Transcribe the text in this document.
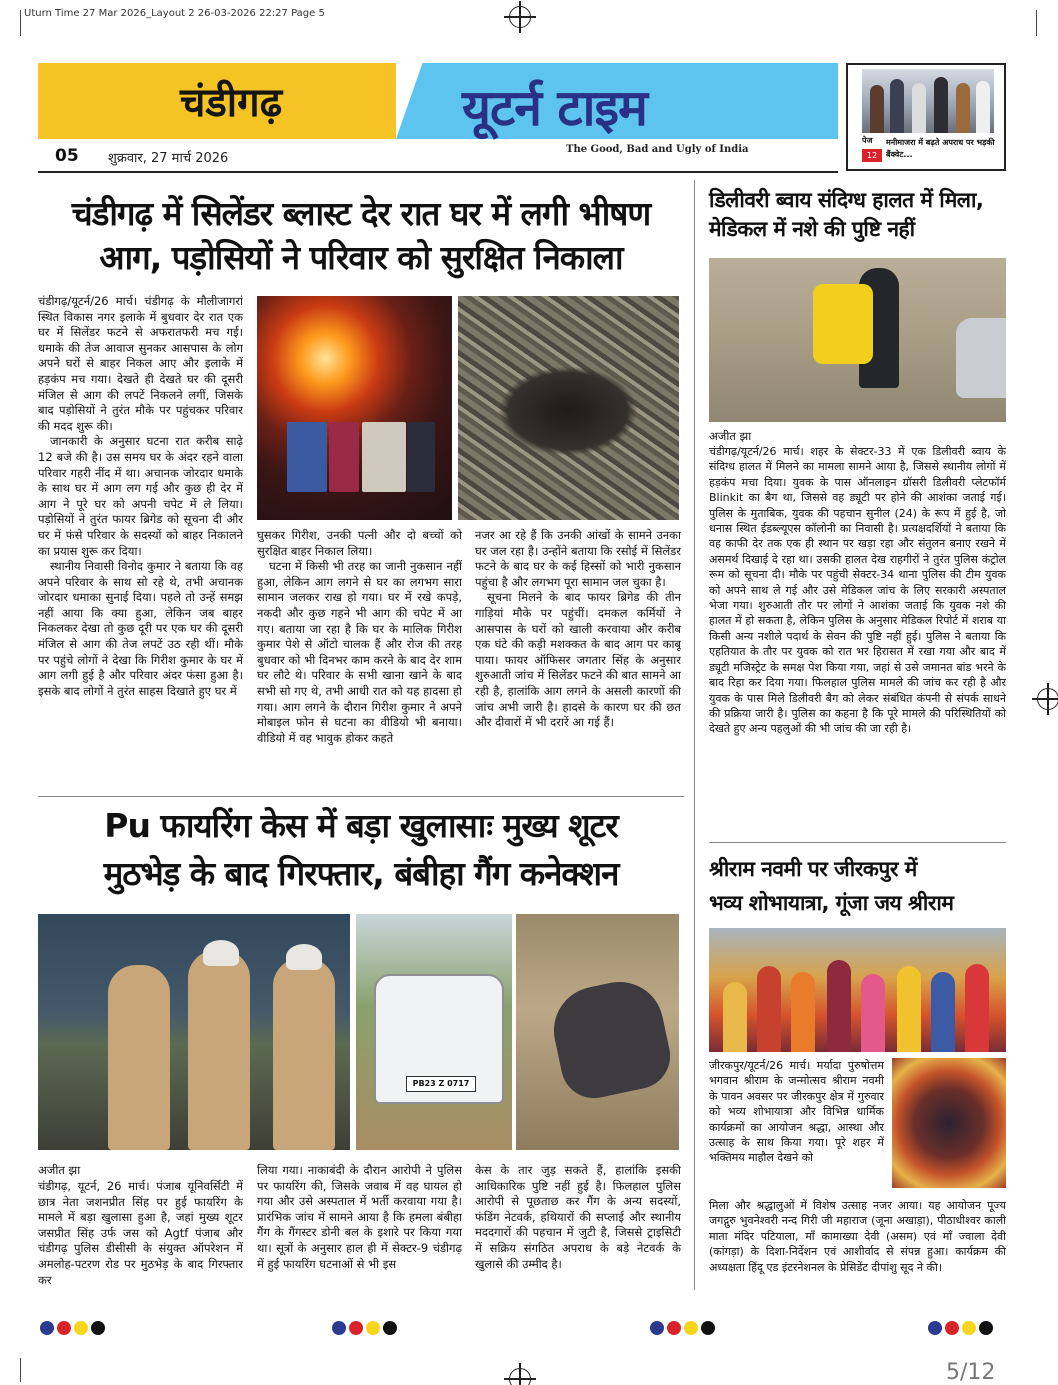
Uturn Time 27 Mar 2026_Layout 2 26-03-2026 22:27 Page 5
चंडीगढ़	यूटर्न टाइम
The Good, Bad and Ugly of India
05 शुक्रवार, 27 मार्च 2026
पेज
12
मनीमाजरा में बढ़ते अपराध पर भड़की बैंक्वेट...
चंडीगढ़ में सिलेंडर ब्लास्ट देर रात घर में लगी भीषण
आग, पड़ोसियों ने परिवार को सुरक्षित निकाला

चंडीगढ़/यूटर्न/26 मार्च। चंडीगढ़ के मौलीजागरां स्थित विकास नगर इलाके में बुधवार देर रात एक घर में सिलेंडर फटने से अफरातफरी मच गई। धमाके की तेज आवाज सुनकर आसपास के लोग अपने घरों से बाहर निकल आए और इलाके में हड़कंप मच गया। देखते ही देखते घर की दूसरी मंजिल से आग की लपटें निकलने लगीं, जिसके बाद पड़ोसियों ने तुरंत मौके पर पहुंचकर परिवार की मदद शुरू की।

जानकारी के अनुसार घटना रात करीब साढ़े 12 बजे की है। उस समय घर के अंदर रहने वाला परिवार गहरी नींद में था। अचानक जोरदार धमाके के साथ घर में आग लग गई और कुछ ही देर में आग ने पूरे घर को अपनी चपेट में ले लिया। पड़ोसियों ने तुरंत फायर ब्रिगेड को सूचना दी और घर में फंसे परिवार के सदस्यों को बाहर निकालने का प्रयास शुरू कर दिया।

स्थानीय निवासी विनोद कुमार ने बताया कि वह अपने परिवार के साथ सो रहे थे, तभी अचानक जोरदार धमाका सुनाई दिया। पहले तो उन्हें समझ नहीं आया कि क्या हुआ, लेकिन जब बाहर निकलकर देखा तो कुछ दूरी पर एक घर की दूसरी मंजिल से आग की तेज लपटें उठ रही थीं। मौके पर पहुंचे लोगों ने देखा कि गिरीश कुमार के घर में आग लगी हुई है और परिवार अंदर फंसा हुआ है। इसके बाद लोगों ने तुरंत साहस दिखाते हुए घर में

घुसकर गिरीश, उनकी पत्नी और दो बच्चों को सुरक्षित बाहर निकाल लिया।

घटना में किसी भी तरह का जानी नुकसान नहीं हुआ, लेकिन आग लगने से घर का लगभग सारा सामान जलकर राख हो गया। घर में रखे कपड़े, नकदी और कुछ गहने भी आग की चपेट में आ गए। बताया जा रहा है कि घर के मालिक गिरीश कुमार पेशे से ऑटो चालक हैं और रोज की तरह बुधवार को भी दिनभर काम करने के बाद देर शाम घर लौटे थे। परिवार के सभी खाना खाने के बाद सभी सो गए थे, तभी आधी रात को यह हादसा हो गया। आग लगने के दौरान गिरीश कुमार ने अपने मोबाइल फोन से घटना का वीडियो भी बनाया। वीडियो में वह भावुक होकर कहते

नजर आ रहे हैं कि उनकी आंखों के सामने उनका घर जल रहा है। उन्होंने बताया कि रसोई में सिलेंडर फटने के बाद घर के कई हिस्सों को भारी नुकसान पहुंचा है और लगभग पूरा सामान जल चुका है।

सूचना मिलने के बाद फायर ब्रिगेड की तीन गाड़ियां मौके पर पहुंचीं। दमकल कर्मियों ने आसपास के घरों को खाली करवाया और करीब एक घंटे की कड़ी मशक्कत के बाद आग पर काबू पाया। फायर ऑफिसर जगतार सिंह के अनुसार शुरुआती जांच में सिलेंडर फटने की बात सामने आ रही है, हालांकि आग लगने के असली कारणों की जांच अभी जारी है। हादसे के कारण घर की छत और दीवारों में भी दरारें आ गई हैं।

Pu फायरिंग केस में बड़ा खुलासाः मुख्य शूटर
मुठभेड़ के बाद गिरफ्तार, बंबीहा गैंग कनेक्शन
PB23 Z 0717
अजीत झा
चंडीगढ़, यूटर्न, 26 मार्च। पंजाब यूनिवर्सिटी में छात्र नेता जशनप्रीत सिंह पर हुई फायरिंग के मामले में बड़ा खुलासा हुआ है, जहां मुख्य शूटर जसप्रीत सिंह उर्फ जस को Agtf पंजाब और चंडीगढ़ पुलिस डीसीसी के संयुक्त ऑपरेशन में अमलोह-पटरण रोड पर मुठभेड़ के बाद गिरफ्तार कर
लिया गया। नाकाबंदी के दौरान आरोपी ने पुलिस पर फायरिंग की, जिसके जवाब में वह घायल हो गया और उसे अस्पताल में भर्ती करवाया गया है। प्रारंभिक जांच में सामने आया है कि हमला बंबीहा गैंग के गैंगस्टर डोनी बल के इशारे पर किया गया था। सूत्रों के अनुसार हाल ही में सेक्टर-9 चंडीगढ़ में हुई फायरिंग घटनाओं से भी इस
केस के तार जुड़ सकते हैं, हालांकि इसकी आधिकारिक पुष्टि नहीं हुई है। फिलहाल पुलिस आरोपी से पूछताछ कर गैंग के अन्य सदस्यों, फंडिंग नेटवर्क, हथियारों की सप्लाई और स्थानीय मददगारों की पहचान में जुटी है, जिससे ट्राइसिटी में सक्रिय संगठित अपराध के बड़े नेटवर्क के खुलासे की उम्मीद है।
डिलीवरी ब्वाय संदिग्ध हालत में मिला,
मेडिकल में नशे की पुष्टि नहीं
अजीत झा
चंडीगढ़/यूटर्न/26 मार्च। शहर के सेक्टर-33 में एक डिलीवरी ब्वाय के संदिग्ध हालत में मिलने का मामला सामने आया है, जिससे स्थानीय लोगों में हड़कंप मचा दिया। युवक के पास ऑनलाइन ग्रॉसरी डिलीवरी प्लेटफॉर्म Blinkit का बैग था, जिससे वह ड्यूटी पर होने की आशंका जताई गई। पुलिस के मुताबिक, युवक की पहचान सुनील (24) के रूप में हुई है, जो धनास स्थित ईडब्ल्यूएस कॉलोनी का निवासी है। प्रत्यक्षदर्शियों ने बताया कि वह काफी देर तक एक ही स्थान पर खड़ा रहा और संतुलन बनाए रखने में असमर्थ दिखाई दे रहा था। उसकी हालत देख राहगीरों ने तुरंत पुलिस कंट्रोल रूम को सूचना दी। मौके पर पहुंची सेक्टर-34 थाना पुलिस की टीम युवक को अपने साथ ले गई और उसे मेडिकल जांच के लिए सरकारी अस्पताल भेजा गया। शुरुआती तौर पर लोगों ने आशंका जताई कि युवक नशे की हालत में हो सकता है, लेकिन पुलिस के अनुसार मेडिकल रिपोर्ट में शराब या किसी अन्य नशीले पदार्थ के सेवन की पुष्टि नहीं हुई। पुलिस ने बताया कि एहतियात के तौर पर युवक को रात भर हिरासत में रखा गया और बाद में ड्यूटी मजिस्ट्रेट के समक्ष पेश किया गया, जहां से उसे जमानत बांड भरने के बाद रिहा कर दिया गया। फिलहाल पुलिस मामले की जांच कर रही है और युवक के पास मिले डिलीवरी बैग को लेकर संबंधित कंपनी से संपर्क साधने की प्रक्रिया जारी है। पुलिस का कहना है कि पूरे मामले की परिस्थितियों को देखते हुए अन्य पहलुओं की भी जांच की जा रही है।
श्रीराम नवमी पर जीरकपुर में
भव्य शोभायात्रा, गूंजा जय श्रीराम
जीरकपुर/यूटर्न/26 मार्च। मर्यादा पुरुषोत्तम भगवान श्रीराम के जन्मोत्सव श्रीराम नवमी के पावन अवसर पर जीरकपुर क्षेत्र में गुरुवार को भव्य शोभायात्रा और विभिन्न धार्मिक कार्यक्रमों का आयोजन श्रद्धा, आस्था और उत्साह के साथ किया गया। पूरे शहर में भक्तिमय माहौल देखने को
मिला और श्रद्धालुओं में विशेष उत्साह नजर आया। यह आयोजन पूज्य जगद्गुरु भुवनेश्वरी नन्द गिरी जी महाराज (जूना अखाड़ा), पीठाधीश्वर काली माता मंदिर पटियाला, माँ कामाख्या देवी (असम) एवं माँ ज्वाला देवी (कांगड़ा) के दिशा-निर्देशन एवं आशीर्वाद से संपन्न हुआ। कार्यक्रम की अध्यक्षता हिंदू एड इंटरनेशनल के प्रेसिडेंट दीपांशु सूद ने की।
5/12
